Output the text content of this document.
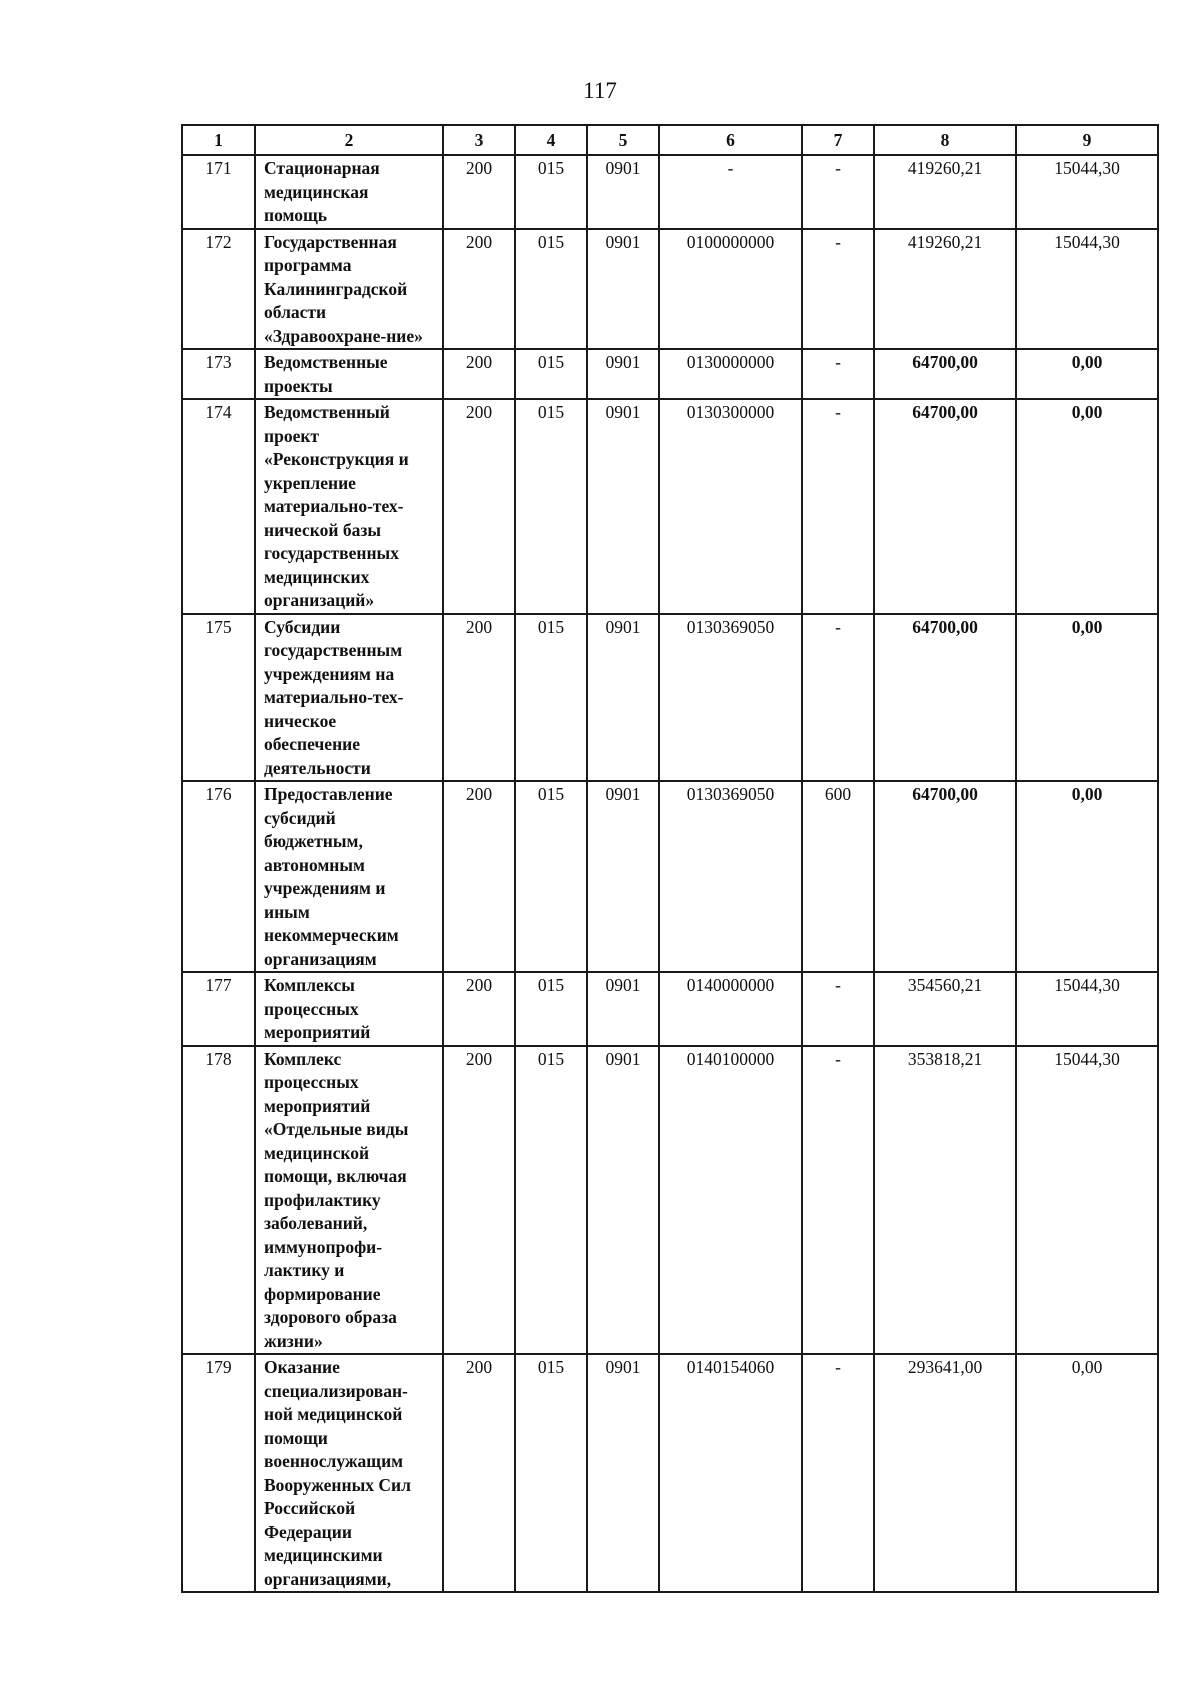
117
1	2	3	4	5	6	7	8	9
171	Стационарная медицинская помощь	200	015	0901	-	-	419260,21	15044,30
172	Государственная программа Калининградской области «Здравоохране-ние»	200	015	0901	0100000000	-	419260,21	15044,30
173	Ведомственные проекты	200	015	0901	0130000000	-	64700,00	0,00
174	Ведомственный проект «Реконструкция и укрепление материально-тех-нической базы государственных медицинских организаций»	200	015	0901	0130300000	-	64700,00	0,00
175	Субсидии государственным учреждениям на материально-тех-ническое обеспечение деятельности	200	015	0901	0130369050	-	64700,00	0,00
176	Предоставление субсидий бюджетным, автономным учреждениям и иным некоммерческим организациям	200	015	0901	0130369050	600	64700,00	0,00
177	Комплексы процессных мероприятий	200	015	0901	0140000000	-	354560,21	15044,30
178	Комплекс процессных мероприятий «Отдельные виды медицинской помощи, включая профилактику заболеваний, иммунопрофи-лактику и формирование здорового образа жизни»	200	015	0901	0140100000	-	353818,21	15044,30
179	Оказание специализирован-ной медицинской помощи военнослужащим Вооруженных Сил Российской Федерации медицинскими организациями,	200	015	0901	0140154060	-	293641,00	0,00
